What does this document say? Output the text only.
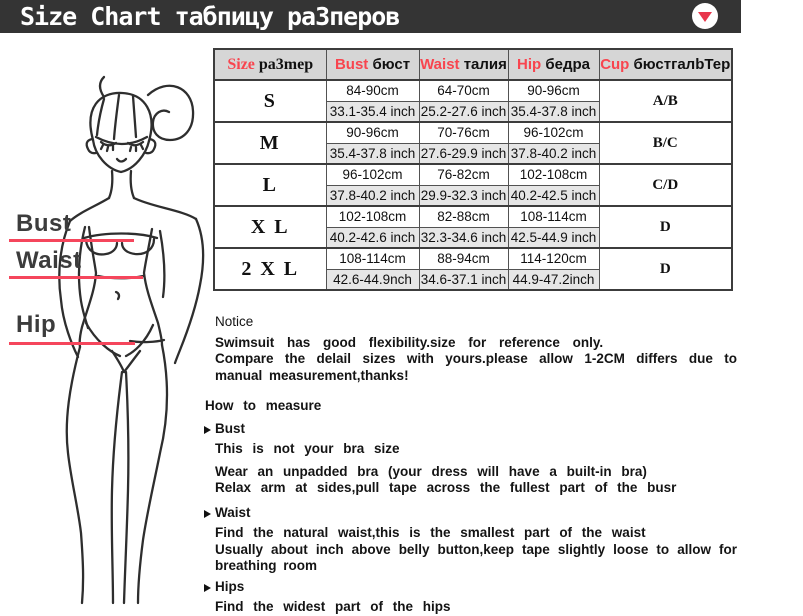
Size Chart табпицу ра3перов
Bust
Waist
Hip
Size pa3mep	Bust бюст	Waist талия	Hip бедра	Cup бюстгалbТер
S	84-90cm	64-70cm	90-96cm	A/B
	33.1-35.4 inch	25.2-27.6 inch	35.4-37.8 inch	
M	90-96cm	70-76cm	96-102cm	B/C
	35.4-37.8 inch	27.6-29.9 inch	37.8-40.2 inch	
L	96-102cm	76-82cm	102-108cm	C/D
	37.8-40.2 inch	29.9-32.3 inch	40.2-42.5 inch	
X L	102-108cm	82-88cm	108-114cm	D
	40.2-42.6 inch	32.3-34.6 inch	42.5-44.9 inch	
2 X L	108-114cm	88-94cm	114-120cm	D
	42.6-44.9nch	34.6-37.1 inch	44.9-47.2inch	
Notice
Swimsuit has good flexibility.size for reference only.
Compare the delail sizes with yours.please allow 1-2CM differs due to manual measurement,thanks!
How to measure
Bust
This is not your bra size
Wear an unpadded bra (your dress will have a built-in bra)
Relax arm at sides,pull tape across the fullest part of the busr
Waist
Find the natural waist,this is the smallest part of the waist
Usually about inch above belly button,keep tape slightly loose to allow for breathing room
Hips
Find the widest part of the hips
